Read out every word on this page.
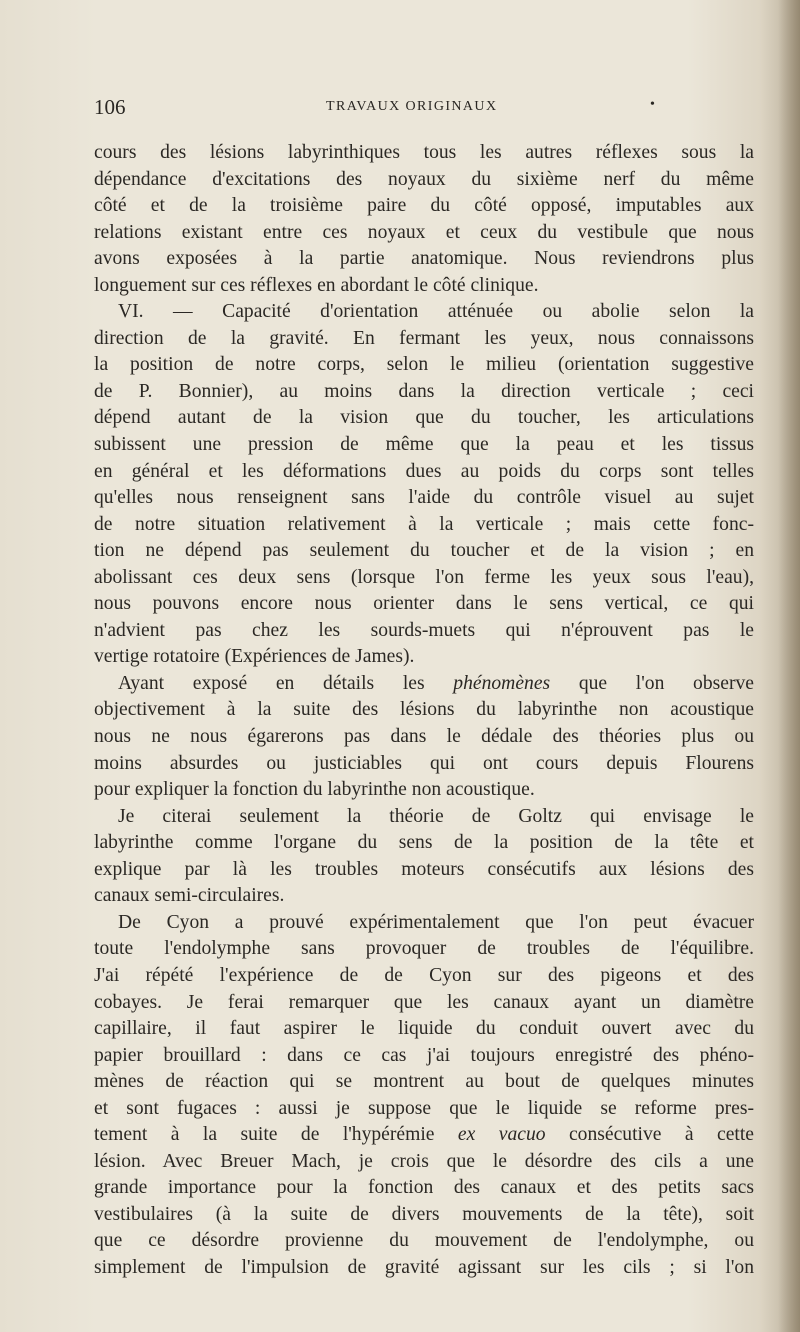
106	TRAVAUX ORIGINAUX	•
cours des lésions labyrinthiques tous les autres réflexes sous la
dépendance d'excitations des noyaux du sixième nerf du même
côté et de la troisième paire du côté opposé, imputables aux
relations existant entre ces noyaux et ceux du vestibule que nous
avons exposées à la partie anatomique. Nous reviendrons plus
longuement sur ces réflexes en abordant le côté clinique.
VI. — Capacité d'orientation atténuée ou abolie selon la
direction de la gravité. En fermant les yeux, nous connaissons
la position de notre corps, selon le milieu (orientation suggestive
de P. Bonnier), au moins dans la direction verticale ; ceci
dépend autant de la vision que du toucher, les articulations
subissent une pression de même que la peau et les tissus
en général et les déformations dues au poids du corps sont telles
qu'elles nous renseignent sans l'aide du contrôle visuel au sujet
de notre situation relativement à la verticale ; mais cette fonc-
tion ne dépend pas seulement du toucher et de la vision ; en
abolissant ces deux sens (lorsque l'on ferme les yeux sous l'eau),
nous pouvons encore nous orienter dans le sens vertical, ce qui
n'advient pas chez les sourds-muets qui n'éprouvent pas le
vertige rotatoire (Expériences de James).
Ayant exposé en détails les phénomènes que l'on observe
objectivement à la suite des lésions du labyrinthe non acoustique
nous ne nous égarerons pas dans le dédale des théories plus ou
moins absurdes ou justiciables qui ont cours depuis Flourens
pour expliquer la fonction du labyrinthe non acoustique.
Je citerai seulement la théorie de Goltz qui envisage le
labyrinthe comme l'organe du sens de la position de la tête et
explique par là les troubles moteurs consécutifs aux lésions des
canaux semi-circulaires.
De Cyon a prouvé expérimentalement que l'on peut évacuer
toute l'endolymphe sans provoquer de troubles de l'équilibre.
J'ai répété l'expérience de de Cyon sur des pigeons et des
cobayes. Je ferai remarquer que les canaux ayant un diamètre
capillaire, il faut aspirer le liquide du conduit ouvert avec du
papier brouillard : dans ce cas j'ai toujours enregistré des phéno-
mènes de réaction qui se montrent au bout de quelques minutes
et sont fugaces : aussi je suppose que le liquide se reforme pres-
tement à la suite de l'hypérémie ex vacuo consécutive à cette
lésion. Avec Breuer Mach, je crois que le désordre des cils a une
grande importance pour la fonction des canaux et des petits sacs
vestibulaires (à la suite de divers mouvements de la tête), soit
que ce désordre provienne du mouvement de l'endolymphe, ou
simplement de l'impulsion de gravité agissant sur les cils ; si l'on
